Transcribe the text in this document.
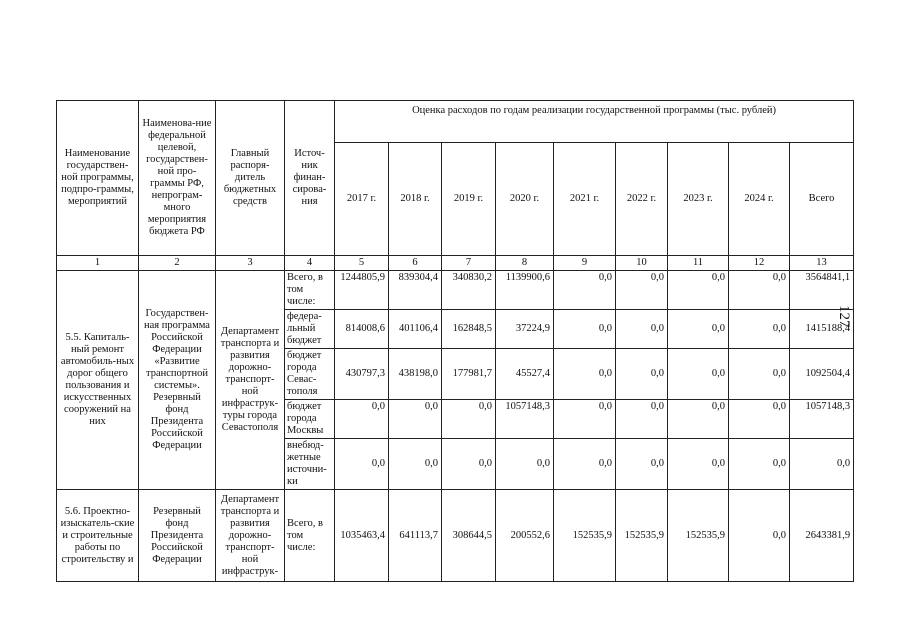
127
Наименование государствен-ной программы, подпро-граммы, мероприятий	Наименова-ние федеральной целевой, государствен-ной про-граммы РФ, непрограм-много мероприятия бюджета РФ	Главный распоря-дитель бюджетных средств	Источ-ник финан-сирова-ния	Оценка расходов по годам реализации государственной программы (тыс. рублей)								
				2017 г.	2018 г.	2019 г.	2020 г.	2021 г.	2022 г.	2023 г.	2024 г.	Всего
1	2	3	4	5	6	7	8	9	10	11	12	13
5.5. Капиталь-ный ремонт автомобиль-ных дорог общего пользования и искусственных сооружений на них	Государствен-ная программа Российской Федерации «Развитие транспортной системы». Резервный фонд Президента Российской Федерации	Департамент транспорта и развития дорожно-транспорт-ной инфраструк-туры города Севастополя	Всего, в том числе:	1244805,9	839304,4	340830,2	1139900,6	0,0	0,0	0,0	0,0	3564841,1
			федера-льный бюджет	814008,6	401106,4	162848,5	37224,9	0,0	0,0	0,0	0,0	1415188,4
			бюджет города Севас-тополя	430797,3	438198,0	177981,7	45527,4	0,0	0,0	0,0	0,0	1092504,4
			бюджет города Москвы	0,0	0,0	0,0	1057148,3	0,0	0,0	0,0	0,0	1057148,3
			внебюд-жетные источни-ки	0,0	0,0	0,0	0,0	0,0	0,0	0,0	0,0	0,0
5.6. Проектно-изыскатель-ские и строительные работы по строительству и	Резервный фонд Президента Российской Федерации	Департамент транспорта и развития дорожно-транспорт-ной инфраструк-	Всего, в том числе:	1035463,4	641113,7	308644,5	200552,6	152535,9	152535,9	152535,9	0,0	2643381,9
